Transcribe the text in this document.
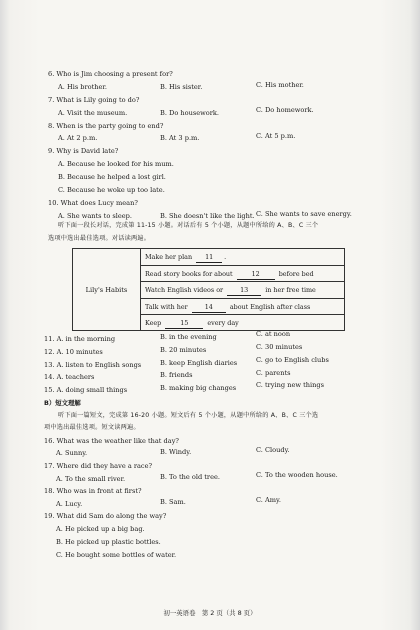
6. Who is Jim choosing a present for?
A. His brother.	B. His sister.	C. His mother.
7. What is Lily going to do?
A. Visit the museum.	B. Do housework.	C. Do homework.
8. When is the party going to end?
A. At 2 p.m.	B. At 3 p.m.	C. At 5 p.m.
9. Why is David late?
A. Because he looked for his mum.
B. Because he helped a lost girl.
C. Because he woke up too late.
10. What does Lucy mean?
A. She wants to sleep.	B. She doesn't like the light. C. She wants to save energy.
听下面一段长对话，完成第 11-15 小题。对话后有 5 个小题，从题中所给的 A、B、C 三个
选项中选出最佳选项。对话读两遍。
Lily's Habits
Make her plan 11 .
Read story books for about	12	before bed
Watch English videos or	13	in her free time
Talk with her	14	about English after class
Keep	15	every day
11. A. in the morning	B. in the evening	C. at noon
12. A. 10 minutes	B. 20 minutes	C. 30 minutes
13. A. listen to English songs	B. keep English diaries	C. go to English clubs
14. A. teachers	B. friends	C. parents
15. A. doing small things	B. making big changes	C. trying new things
B）短文理解
听下面一篇短文，完成第 16-20 小题。短文后有 5 个小题，从题中所给的 A、B、C 三个选
项中选出最佳选项。短文读两遍。
16. What was the weather like that day?
A. Sunny.	B. Windy.	C. Cloudy.
17. Where did they have a race?
A. To the small river.	B. To the old tree.	C. To the wooden house.
18. Who was in front at first?
A. Lucy.	B. Sam.	C. Amy.
19. What did Sam do along the way?
A. He picked up a big bag.
B. He picked up plastic bottles.
C. He bought some bottles of water.
初一英语卷　第 2 页（共 8 页）
